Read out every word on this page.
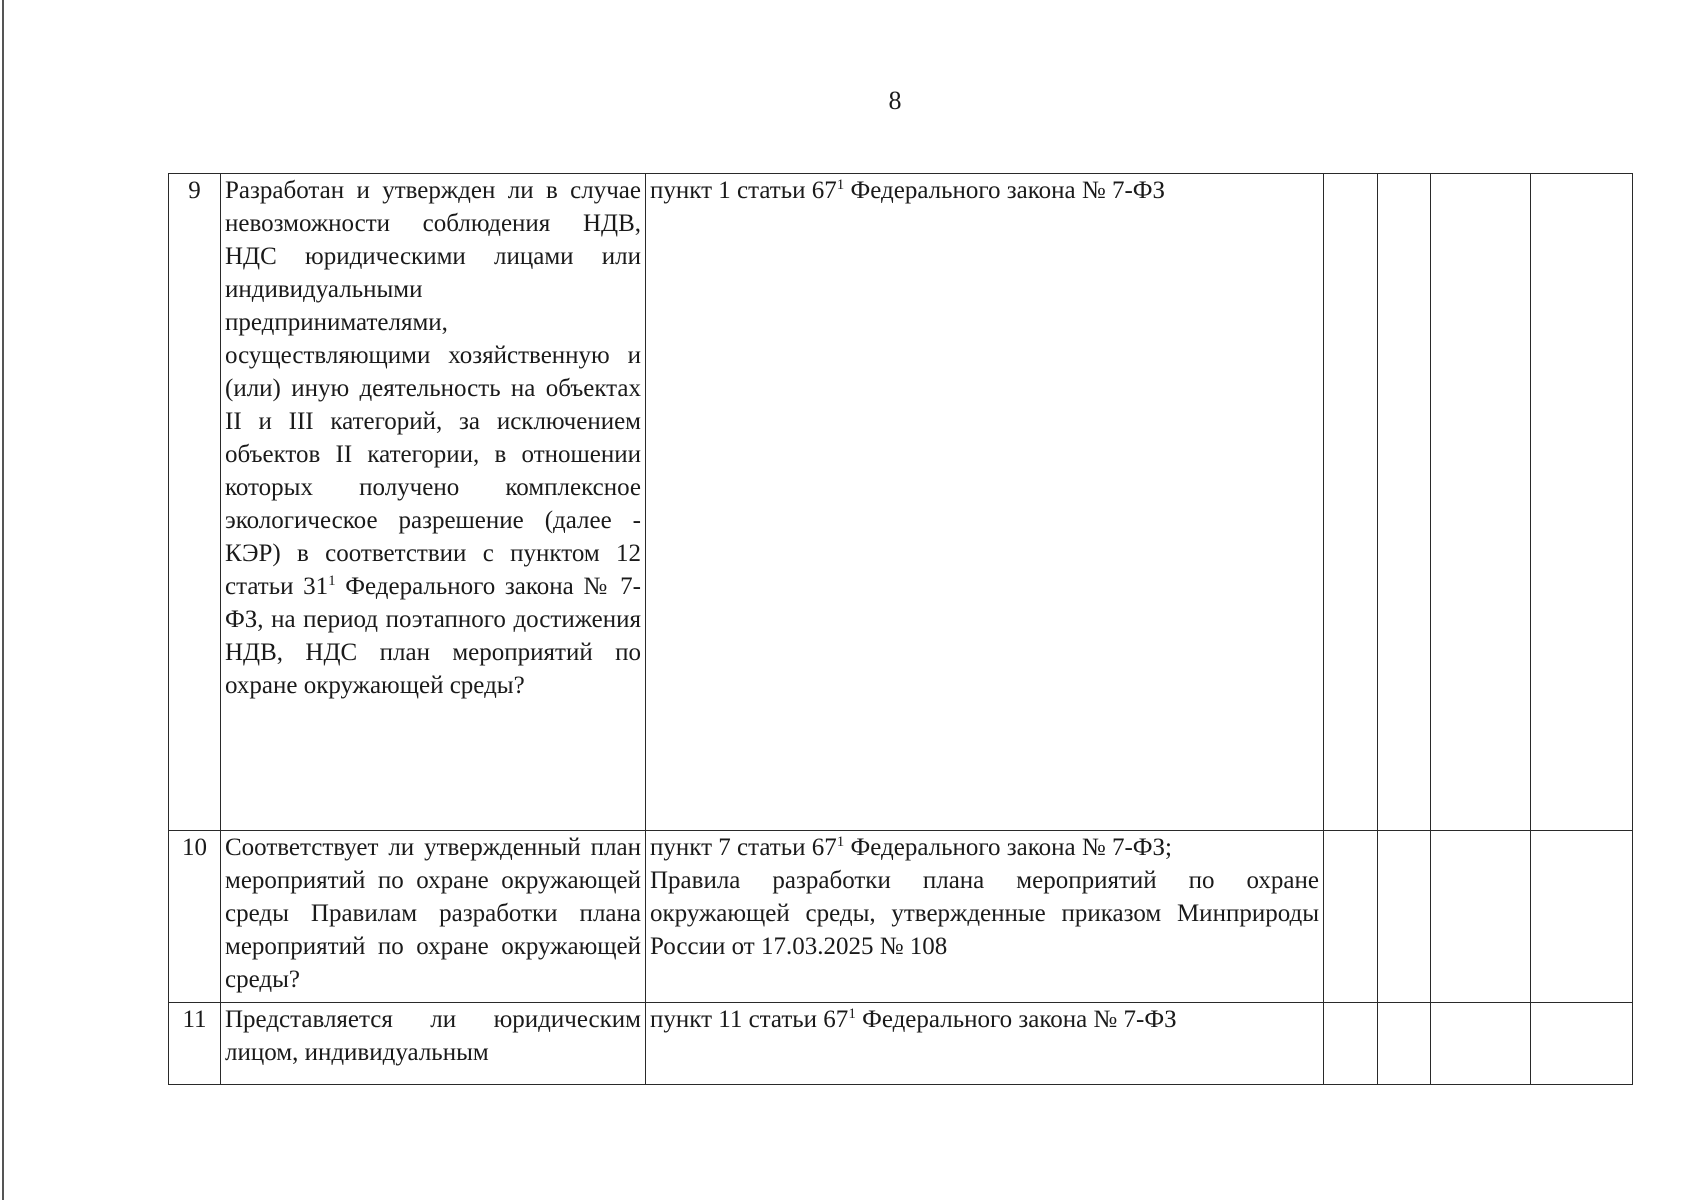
8
9	Разработан и утвержден ли в случае невозможности соблюдения НДВ, НДС юридическими лицами или индивидуальными предпринимателями, осуществляющими хозяйственную и (или) иную деятельность на объектах II и III категорий, за исключением объектов II категории, в отношении которых получено комплексное экологическое разрешение (далее - КЭР) в соответствии с пунктом 12 статьи $31^1$ Федерального закона № 7-ФЗ, на период поэтапного достижения НДВ, НДС план мероприятий по охране окружающей среды?	пункт 1 статьи $67^1$ Федерального закона № 7-ФЗ

10	Соответствует ли утвержденный план мероприятий по охране окружающей среды Правилам разработки плана мероприятий по охране окружающей среды?	пункт 7 статьи $67^1$ Федерального закона № 7-ФЗ;

Правила разработки плана мероприятий по охране окружающей среды, утвержденные приказом Минприроды России от 17.03.2025 № 108				

11	Представляется ли юридическим лицом, индивидуальным	пункт 11 статьи $67^1$ Федерального закона № 7-ФЗ
